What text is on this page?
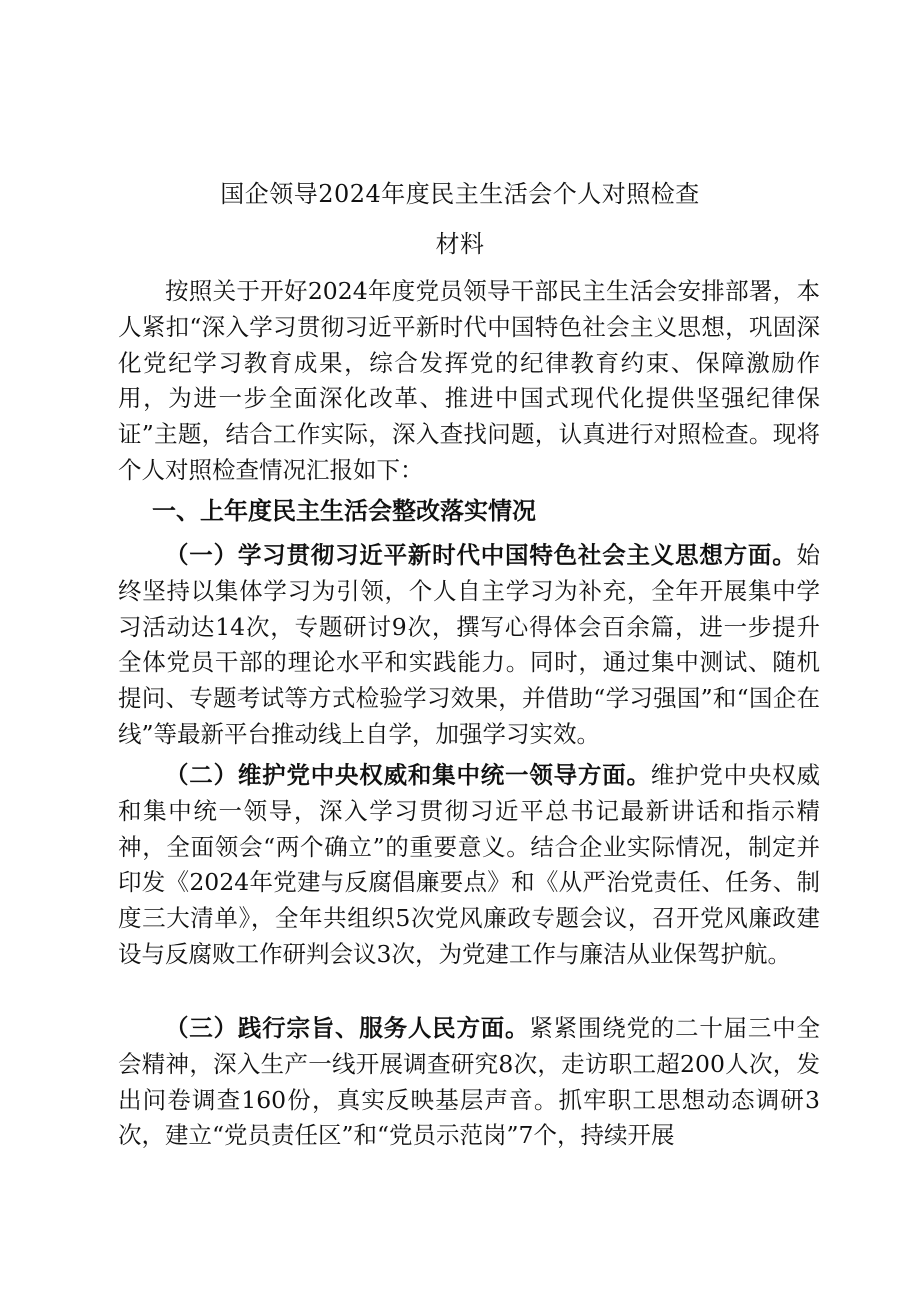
国企领导2024年度民主生活会个人对照检查
材料

按照关于开好2024年度党员领导干部民主生活会安排部署，本人紧扣“深入学习贯彻习近平新时代中国特色社会主义思想，巩固深化党纪学习教育成果，综合发挥党的纪律教育约束、保障激励作用，为进一步全面深化改革、推进中国式现代化提供坚强纪律保证”主题，结合工作实际，深入查找问题，认真进行对照检查。现将个人对照检查情况汇报如下：

一、上年度民主生活会整改落实情况

（一）学习贯彻习近平新时代中国特色社会主义思想方面。始终坚持以集体学习为引领，个人自主学习为补充，全年开展集中学习活动达14次，专题研讨9次，撰写心得体会百余篇，进一步提升全体党员干部的理论水平和实践能力。同时，通过集中测试、随机提问、专题考试等方式检验学习效果，并借助“学习强国”和“国企在线”等最新平台推动线上自学，加强学习实效。

（二）维护党中央权威和集中统一领导方面。维护党中央权威和集中统一领导，深入学习贯彻习近平总书记最新讲话和指示精神，全面领会“两个确立”的重要意义。结合企业实际情况，制定并印发《2024年党建与反腐倡廉要点》和《从严治党责任、任务、制度三大清单》，全年共组织5次党风廉政专题会议，召开党风廉政建设与反腐败工作研判会议3次，为党建工作与廉洁从业保驾护航。

（三）践行宗旨、服务人民方面。紧紧围绕党的二十届三中全会精神，深入生产一线开展调查研究8次，走访职工超200人次，发出问卷调查160份，真实反映基层声音。抓牢职工思想动态调研3次，建立“党员责任区”和“党员示范岗”7个，持续开展
